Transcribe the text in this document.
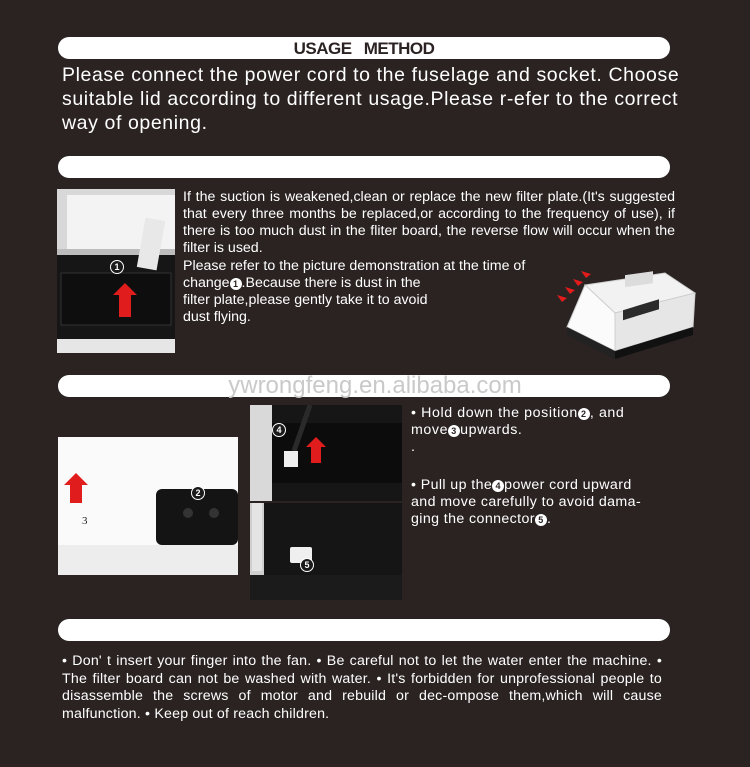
USAGE METHOD
Please connect the power cord to the fuselage and socket. Choose suitable lid according to different usage.Please r-efer to the correct way of opening.
1
If the suction is weakened,clean or replace the new filter plate.(It's suggested that every three months be replaced,or according to the frequency of use), if there is too much dust in the fliter board, the reverse flow will occur when the filter is used.
Please refer to the picture demonstration at the time of
change 1 .Because there is dust in the
filter plate,please gently take it to avoid
dust flying.
ywrongfeng.en.alibaba.com
2
3
4
5
• Hold down the position 2 , and
move 3 upwards.
.
• Pull up the 4 power cord upward
and move carefully to avoid dama-
ging the connector 5 .
• Don' t insert your finger into the fan. • Be careful not to let the water enter the machine. • The filter board can not be washed with water. • It's forbidden for unprofessional people to disassemble the screws of motor and rebuild or dec-ompose them,which will cause malfunction. • Keep out of reach children.
